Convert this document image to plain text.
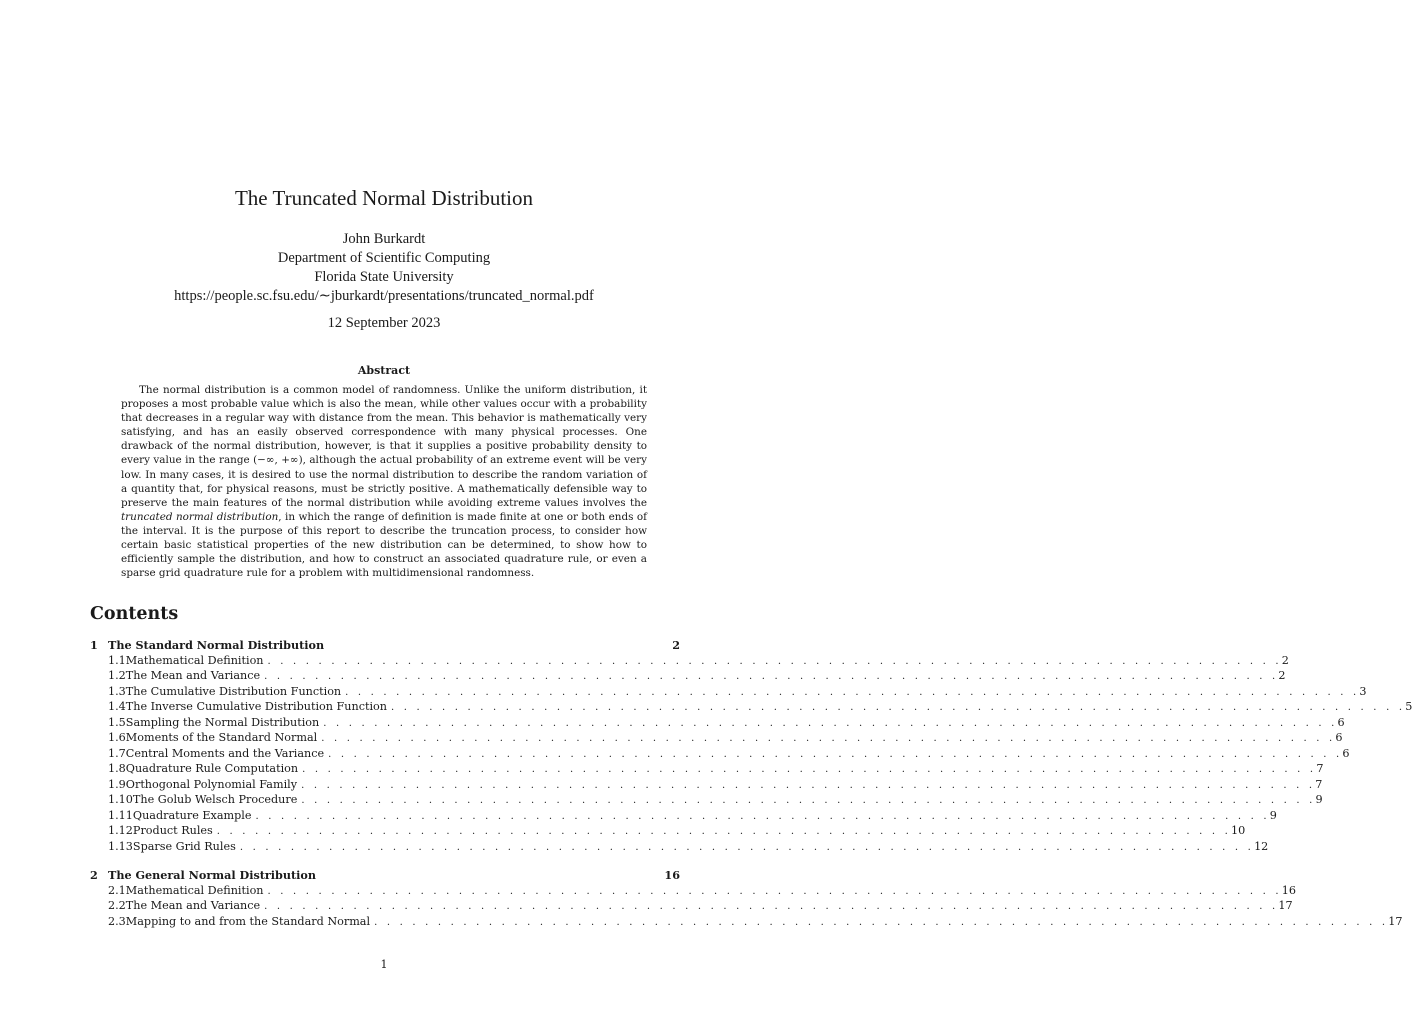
The Truncated Normal Distribution
John Burkardt
Department of Scientific Computing
Florida State University
https://people.sc.fsu.edu/∼jburkardt/presentations/truncated_normal.pdf
12 September 2023
Abstract

The normal distribution is a common model of randomness. Unlike the uniform distribution, it proposes a most probable value which is also the mean, while other values occur with a probability that decreases in a regular way with distance from the mean. This behavior is mathematically very satisfying, and has an easily observed correspondence with many physical processes. One drawback of the normal distribution, however, is that it supplies a positive probability density to every value in the range (−∞, +∞), although the actual probability of an extreme event will be very low. In many cases, it is desired to use the normal distribution to describe the random variation of a quantity that, for physical reasons, must be strictly positive. A mathematically defensible way to preserve the main features of the normal distribution while avoiding extreme values involves the truncated normal distribution, in which the range of definition is made finite at one or both ends of the interval. It is the purpose of this report to describe the truncation process, to consider how certain basic statistical properties of the new distribution can be determined, to show how to efficiently sample the distribution, and how to construct an associated quadrature rule, or even a sparse grid quadrature rule for a problem with multidimensional randomness.

Contents
1 The Standard Normal Distribution	2
1.1 Mathematical Definition . . . . . . . . . . . . . . . . . . . . . . . . . . . . . . . . . . . . . . . . . . . . . . . . . . . . . . . . . . . . . . . . . . . . . . . . . . . . . . . . 2
1.2 The Mean and Variance . . . . . . . . . . . . . . . . . . . . . . . . . . . . . . . . . . . . . . . . . . . . . . . . . . . . . . . . . . . . . . . . . . . . . . . . . . . . . . . . 2
1.3 The Cumulative Distribution Function . . . . . . . . . . . . . . . . . . . . . . . . . . . . . . . . . . . . . . . . . . . . . . . . . . . . . . . . . . . . . . . . . . . . . . . . . . . . . . . . 3
1.4 The Inverse Cumulative Distribution Function . . . . . . . . . . . . . . . . . . . . . . . . . . . . . . . . . . . . . . . . . . . . . . . . . . . . . . . . . . . . . . . . . . . . . . . . . . . . . . . . 5
1.5 Sampling the Normal Distribution . . . . . . . . . . . . . . . . . . . . . . . . . . . . . . . . . . . . . . . . . . . . . . . . . . . . . . . . . . . . . . . . . . . . . . . . . . . . . . . . 6
1.6 Moments of the Standard Normal . . . . . . . . . . . . . . . . . . . . . . . . . . . . . . . . . . . . . . . . . . . . . . . . . . . . . . . . . . . . . . . . . . . . . . . . . . . . . . . . 6
1.7 Central Moments and the Variance . . . . . . . . . . . . . . . . . . . . . . . . . . . . . . . . . . . . . . . . . . . . . . . . . . . . . . . . . . . . . . . . . . . . . . . . . . . . . . . . 6
1.8 Quadrature Rule Computation . . . . . . . . . . . . . . . . . . . . . . . . . . . . . . . . . . . . . . . . . . . . . . . . . . . . . . . . . . . . . . . . . . . . . . . . . . . . . . . . 7
1.9 Orthogonal Polynomial Family . . . . . . . . . . . . . . . . . . . . . . . . . . . . . . . . . . . . . . . . . . . . . . . . . . . . . . . . . . . . . . . . . . . . . . . . . . . . . . . . 7
1.10 The Golub Welsch Procedure . . . . . . . . . . . . . . . . . . . . . . . . . . . . . . . . . . . . . . . . . . . . . . . . . . . . . . . . . . . . . . . . . . . . . . . . . . . . . . . . 9
1.11 Quadrature Example . . . . . . . . . . . . . . . . . . . . . . . . . . . . . . . . . . . . . . . . . . . . . . . . . . . . . . . . . . . . . . . . . . . . . . . . . . . . . . . . 9
1.12 Product Rules . . . . . . . . . . . . . . . . . . . . . . . . . . . . . . . . . . . . . . . . . . . . . . . . . . . . . . . . . . . . . . . . . . . . . . . . . . . . . . . . 10
1.13 Sparse Grid Rules . . . . . . . . . . . . . . . . . . . . . . . . . . . . . . . . . . . . . . . . . . . . . . . . . . . . . . . . . . . . . . . . . . . . . . . . . . . . . . . . 12
2 The General Normal Distribution	16
2.1 Mathematical Definition . . . . . . . . . . . . . . . . . . . . . . . . . . . . . . . . . . . . . . . . . . . . . . . . . . . . . . . . . . . . . . . . . . . . . . . . . . . . . . . . 16
2.2 The Mean and Variance . . . . . . . . . . . . . . . . . . . . . . . . . . . . . . . . . . . . . . . . . . . . . . . . . . . . . . . . . . . . . . . . . . . . . . . . . . . . . . . . 17
2.3 Mapping to and from the Standard Normal . . . . . . . . . . . . . . . . . . . . . . . . . . . . . . . . . . . . . . . . . . . . . . . . . . . . . . . . . . . . . . . . . . . . . . . . . . . . . . . . 17
1
